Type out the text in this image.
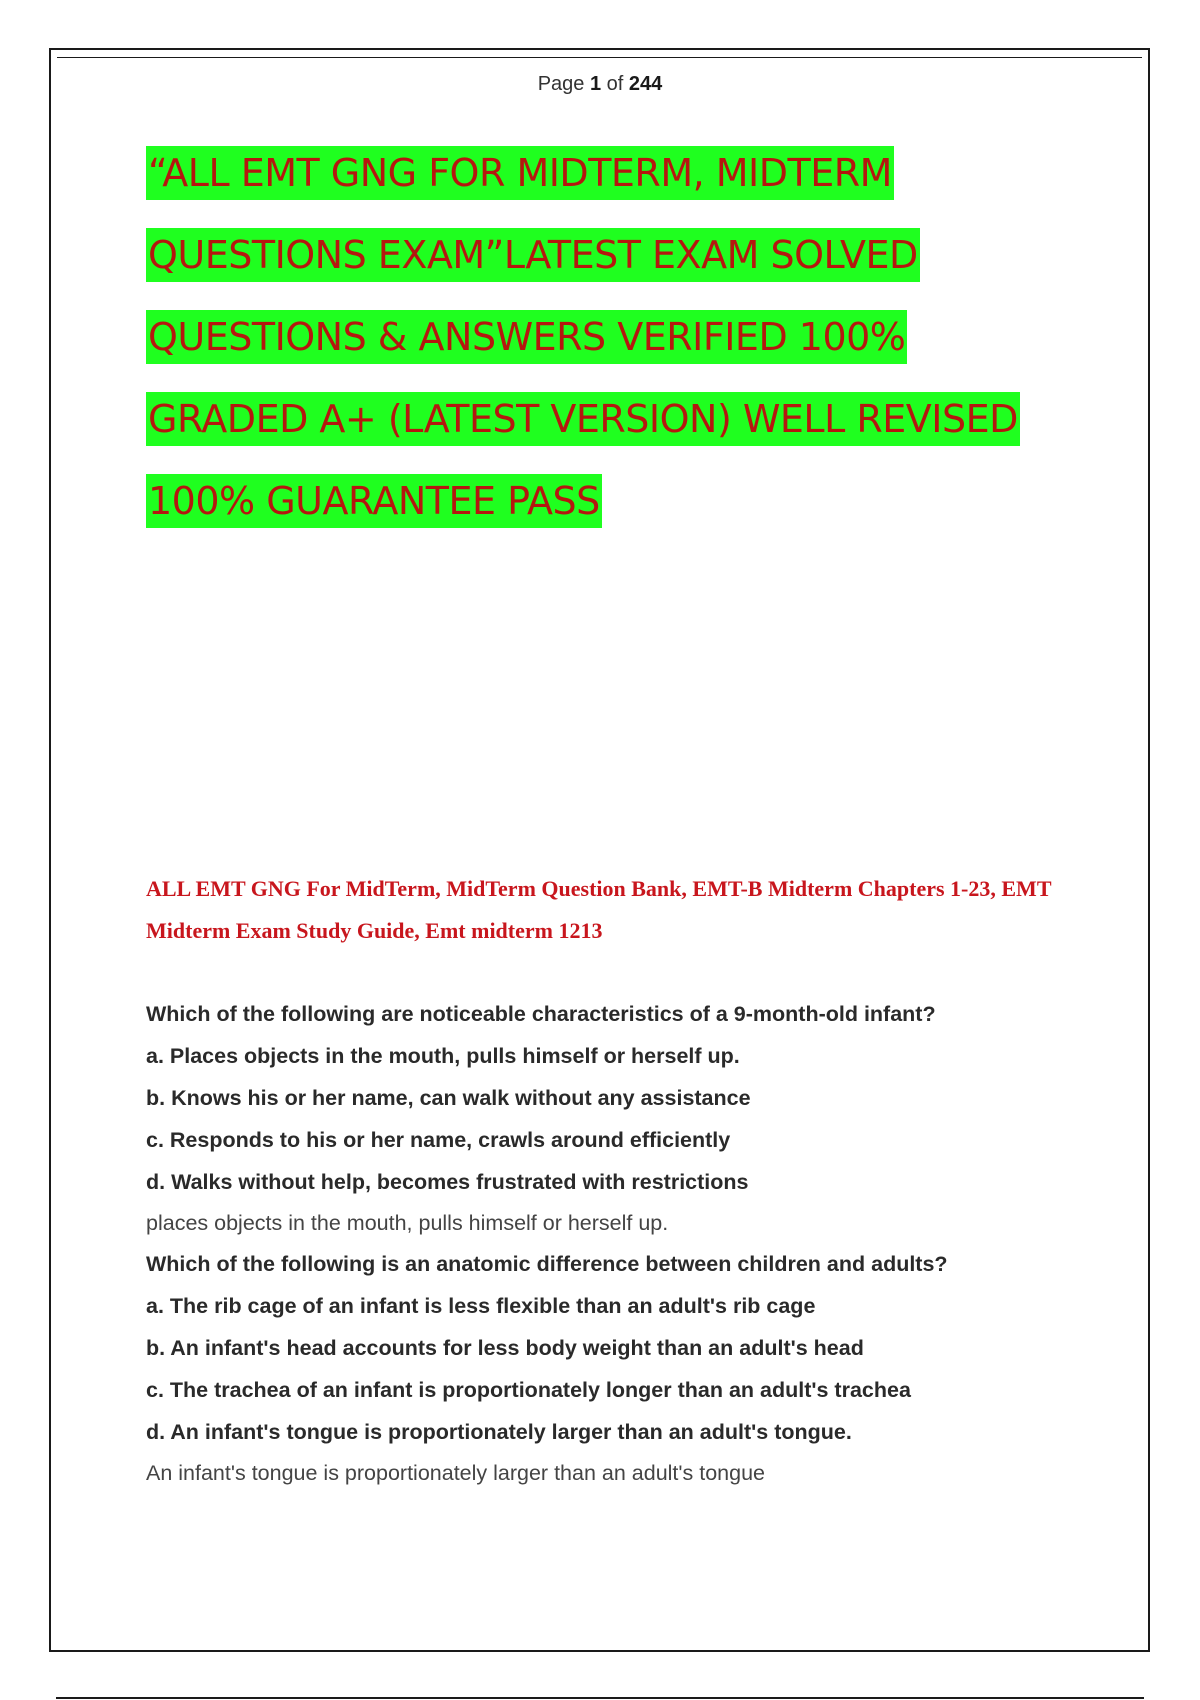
Page 1 of 244
“ALL EMT GNG FOR MIDTERM, MIDTERM
QUESTIONS EXAM”LATEST EXAM SOLVED
QUESTIONS & ANSWERS VERIFIED 100%
GRADED A+ (LATEST VERSION) WELL REVISED
100% GUARANTEE PASS
ALL EMT GNG For MidTerm, MidTerm Question Bank, EMT-B Midterm Chapters 1-23, EMT Midterm Exam Study Guide, Emt midterm 1213
Which of the following are noticeable characteristics of a 9-month-old infant?
a. Places objects in the mouth, pulls himself or herself up.
b. Knows his or her name, can walk without any assistance
c. Responds to his or her name, crawls around efficiently
d. Walks without help, becomes frustrated with restrictions
places objects in the mouth, pulls himself or herself up.
Which of the following is an anatomic difference between children and adults?
a. The rib cage of an infant is less flexible than an adult's rib cage
b. An infant's head accounts for less body weight than an adult's head
c. The trachea of an infant is proportionately longer than an adult's trachea
d. An infant's tongue is proportionately larger than an adult's tongue.
An infant's tongue is proportionately larger than an adult's tongue
